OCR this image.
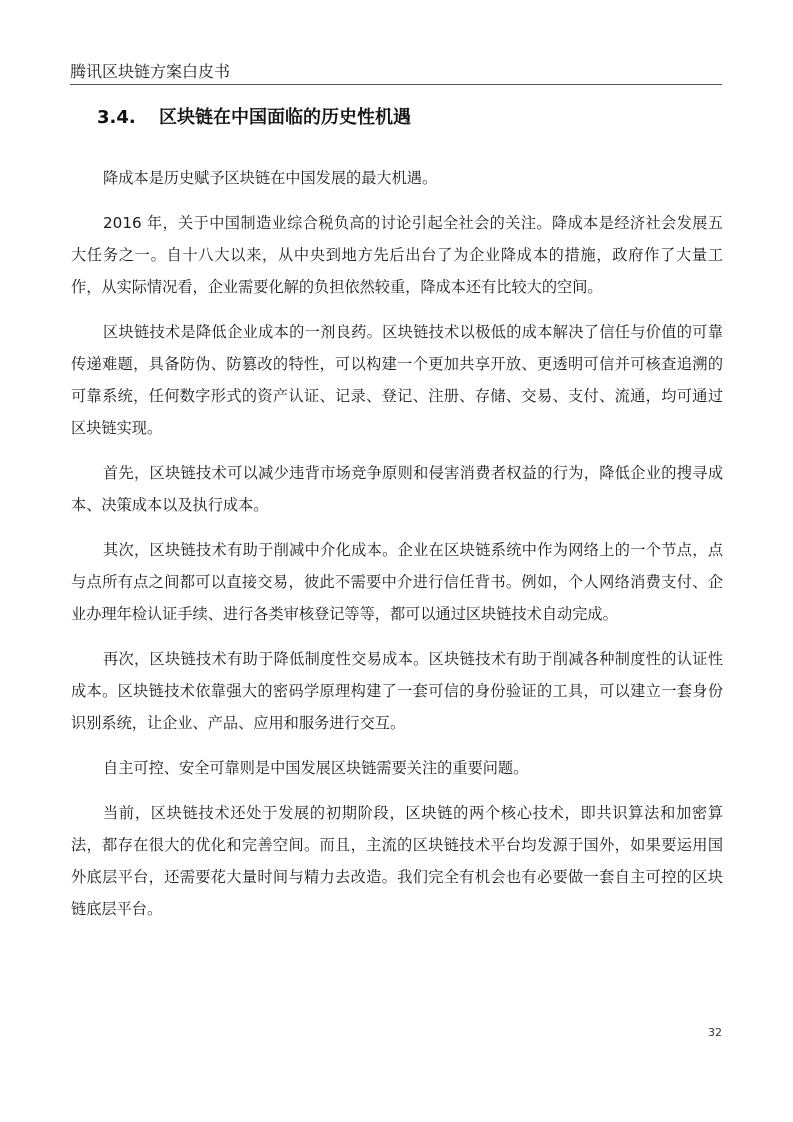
腾讯区块链方案白皮书
3.4. 区块链在中国面临的历史性机遇

降成本是历史赋予区块链在中国发展的最大机遇。

2016 年，关于中国制造业综合税负高的讨论引起全社会的关注。降成本是经济社会发展五大任务之一。自十八大以来，从中央到地方先后出台了为企业降成本的措施，政府作了大量工作，从实际情况看，企业需要化解的负担依然较重，降成本还有比较大的空间。

区块链技术是降低企业成本的一剂良药。区块链技术以极低的成本解决了信任与价值的可靠传递难题，具备防伪、防篡改的特性，可以构建一个更加共享开放、更透明可信并可核查追溯的可靠系统，任何数字形式的资产认证、记录、登记、注册、存储、交易、支付、流通，均可通过区块链实现。

首先，区块链技术可以减少违背市场竞争原则和侵害消费者权益的行为，降低企业的搜寻成本、决策成本以及执行成本。

其次，区块链技术有助于削减中介化成本。企业在区块链系统中作为网络上的一个节点，点与点所有点之间都可以直接交易，彼此不需要中介进行信任背书。例如，个人网络消费支付、企业办理年检认证手续、进行各类审核登记等等，都可以通过区块链技术自动完成。

再次，区块链技术有助于降低制度性交易成本。区块链技术有助于削减各种制度性的认证性成本。区块链技术依靠强大的密码学原理构建了一套可信的身份验证的工具，可以建立一套身份识别系统，让企业、产品、应用和服务进行交互。

自主可控、安全可靠则是中国发展区块链需要关注的重要问题。

当前，区块链技术还处于发展的初期阶段，区块链的两个核心技术，即共识算法和加密算法，都存在很大的优化和完善空间。而且，主流的区块链技术平台均发源于国外，如果要运用国外底层平台，还需要花大量时间与精力去改造。我们完全有机会也有必要做一套自主可控的区块链底层平台。

32
